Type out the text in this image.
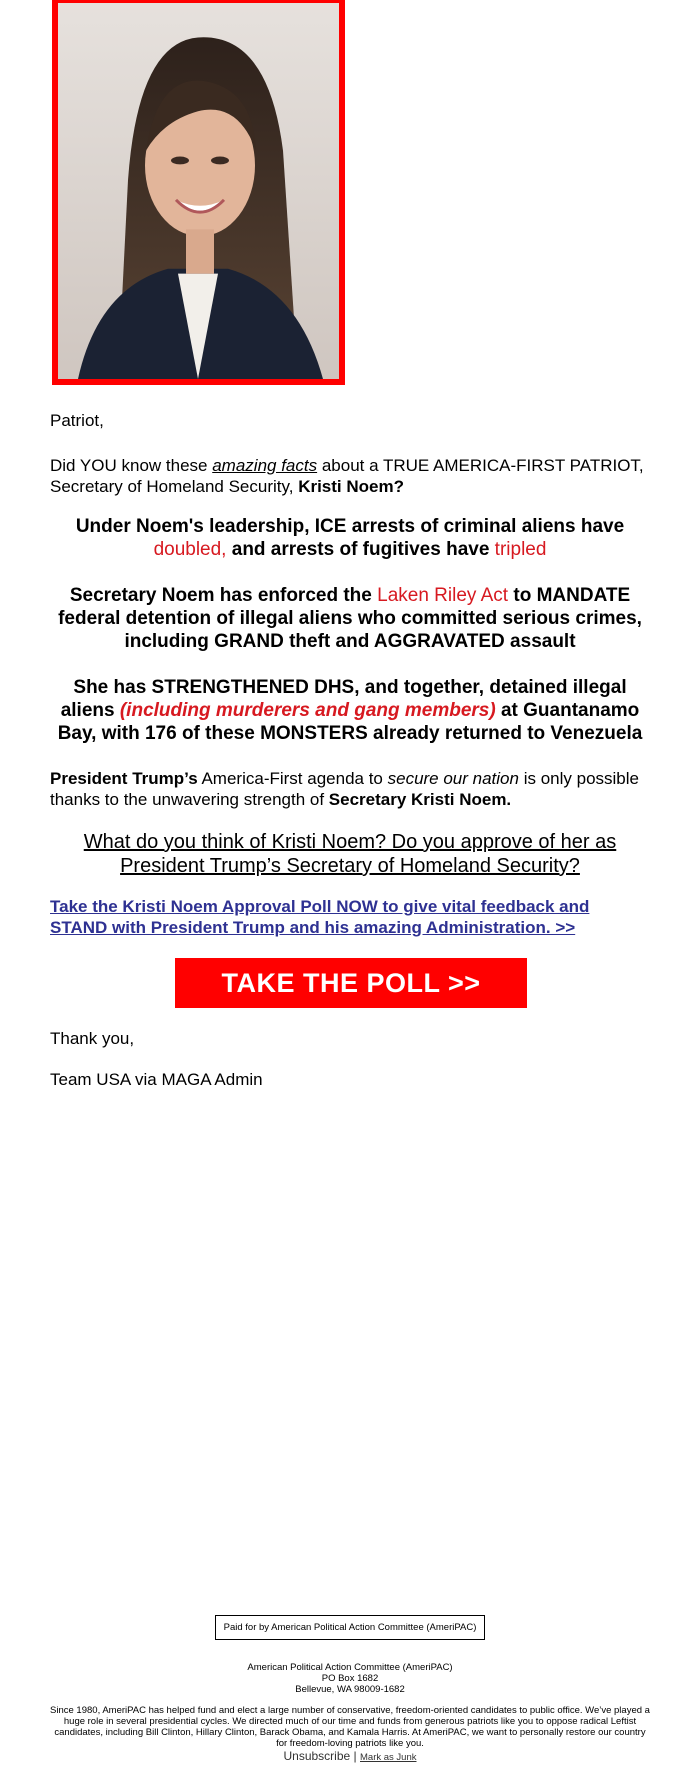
Patriot,

Did YOU know these amazing facts about a TRUE AMERICA-FIRST PATRIOT, Secretary of Homeland Security, Kristi Noem?

Under Noem's leadership, ICE arrests of criminal aliens have doubled, and arrests of fugitives have tripled

Secretary Noem has enforced the Laken Riley Act to MANDATE federal detention of illegal aliens who committed serious crimes, including GRAND theft and AGGRAVATED assault

She has STRENGTHENED DHS, and together, detained illegal aliens (including murderers and gang members) at Guantanamo Bay, with 176 of these MONSTERS already returned to Venezuela

President Trump’s America-First agenda to secure our nation is only possible thanks to the unwavering strength of Secretary Kristi Noem.

What do you think of Kristi Noem? Do you approve of her as President Trump’s Secretary of Homeland Security?

Take the Kristi Noem Approval Poll NOW to give vital feedback and STAND with President Trump and his amazing Administration. >>
TAKE THE POLL >>

Thank you,

Team USA via MAGA Admin

Paid for by American Political Action Committee (AmeriPAC)
American Political Action Committee (AmeriPAC)
PO Box 1682
Bellevue, WA 98009-1682
Since 1980, AmeriPAC has helped fund and elect a large number of conservative, freedom-oriented candidates to public office. We’ve played a huge role in several presidential cycles. We directed much of our time and funds from generous patriots like you to oppose radical Leftist candidates, including Bill Clinton, Hillary Clinton, Barack Obama, and Kamala Harris. At AmeriPAC, we want to personally restore our country for freedom-loving patriots like you.
Unsubscribe | Mark as Junk
